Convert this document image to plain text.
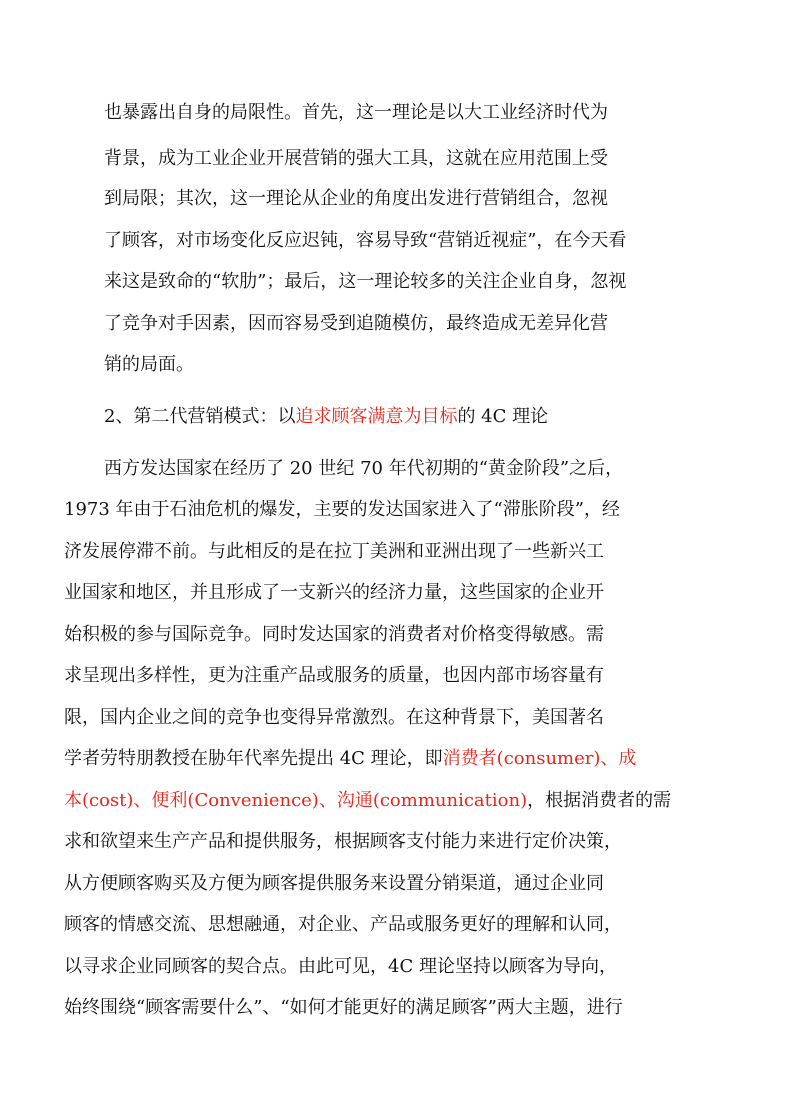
也暴露出自身的局限性。首先，这一理论是以大工业经济时代为
背景，成为工业企业开展营销的强大工具，这就在应用范围上受
到局限；其次，这一理论从企业的角度出发进行营销组合，忽视
了顾客，对市场变化反应迟钝，容易导致“营销近视症”，在今天看
来这是致命的“软肋”；最后，这一理论较多的关注企业自身，忽视
了竞争对手因素，因而容易受到追随模仿，最终造成无差异化营
销的局面。
2、第二代营销模式：以追求顾客满意为目标的 4C 理论
西方发达国家在经历了 20 世纪 70 年代初期的“黄金阶段”之后，
1973 年由于石油危机的爆发，主要的发达国家进入了“滞胀阶段”，经
济发展停滞不前。与此相反的是在拉丁美洲和亚洲出现了一些新兴工
业国家和地区，并且形成了一支新兴的经济力量，这些国家的企业开
始积极的参与国际竞争。同时发达国家的消费者对价格变得敏感。需
求呈现出多样性，更为注重产品或服务的质量，也因内部市场容量有
限，国内企业之间的竞争也变得异常激烈。在这种背景下，美国著名
学者劳特朋教授在胁年代率先提出 4C 理论，即消费者(consumer)、成
本(cost)、便利(Convenience)、沟通(communication)，根据消费者的需
求和欲望来生产产品和提供服务，根据顾客支付能力来进行定价决策，
从方便顾客购买及方便为顾客提供服务来设置分销渠道，通过企业同
顾客的情感交流、思想融通，对企业、产品或服务更好的理解和认同，
以寻求企业同顾客的契合点。由此可见，4C 理论坚持以顾客为导向，
始终围绕“顾客需要什么”、“如何才能更好的满足顾客”两大主题，进行
